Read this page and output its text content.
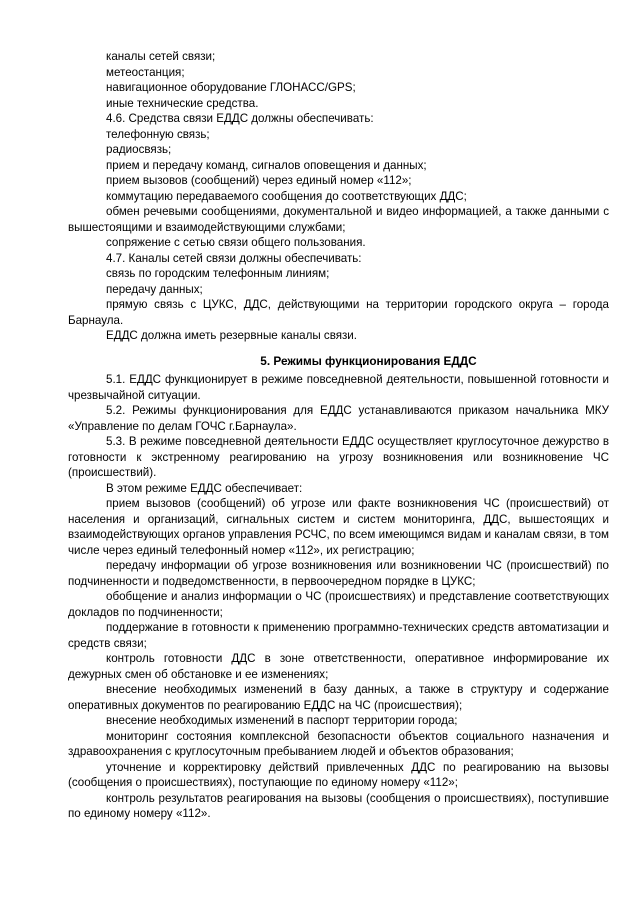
каналы сетей связи;

метеостанция;

навигационное оборудование ГЛОНАСС/GPS;

иные технические средства.

4.6. Средства связи ЕДДС должны обеспечивать:

телефонную связь;

радиосвязь;

прием и передачу команд, сигналов оповещения и данных;

прием вызовов (сообщений) через единый номер «112»;

коммутацию передаваемого сообщения до соответствующих ДДС;

обмен речевыми сообщениями, документальной и видео информацией, а также данными с вышестоящими и взаимодействующими службами;

сопряжение с сетью связи общего пользования.

4.7. Каналы сетей связи должны обеспечивать:

связь по городским телефонным линиям;

передачу данных;

прямую связь с ЦУКС, ДДС, действующими на территории городского округа – города Барнаула.

ЕДДС должна иметь резервные каналы связи.

5. Режимы функционирования ЕДДС

5.1. ЕДДС функционирует в режиме повседневной деятельности, повышенной готовности и чрезвычайной ситуации.

5.2. Режимы функционирования для ЕДДС устанавливаются приказом начальника МКУ «Управление по делам ГОЧС г.Барнаула».

5.3. В режиме повседневной деятельности ЕДДС осуществляет круглосуточное дежурство в готовности к экстренному реагированию на угрозу возникновения или возникновение ЧС (происшествий).

В этом режиме ЕДДС обеспечивает:

прием вызовов (сообщений) об угрозе или факте возникновения ЧС (происшествий) от населения и организаций, сигнальных систем и систем мониторинга, ДДС, вышестоящих и взаимодействующих органов управления РСЧС, по всем имеющимся видам и каналам связи, в том числе через единый телефонный номер «112», их регистрацию;

передачу информации об угрозе возникновения или возникновении ЧС (происшествий) по подчиненности и подведомственности, в первоочередном порядке в ЦУКС;

обобщение и анализ информации о ЧС (происшествиях) и представление соответствующих докладов по подчиненности;

поддержание в готовности к применению программно-технических средств автоматизации и средств связи;

контроль готовности ДДС в зоне ответственности, оперативное информирование их дежурных смен об обстановке и ее изменениях;

внесение необходимых изменений в базу данных, а также в структуру и содержание оперативных документов по реагированию ЕДДС на ЧС (происшествия);

внесение необходимых изменений в паспорт территории города;

мониторинг состояния комплексной безопасности объектов социального назначения и здравоохранения с круглосуточным пребыванием людей и объектов образования;

уточнение и корректировку действий привлеченных ДДС по реагированию на вызовы (сообщения о происшествиях), поступающие по единому номеру «112»;

контроль результатов реагирования на вызовы (сообщения о происшествиях), поступившие по единому номеру «112».
